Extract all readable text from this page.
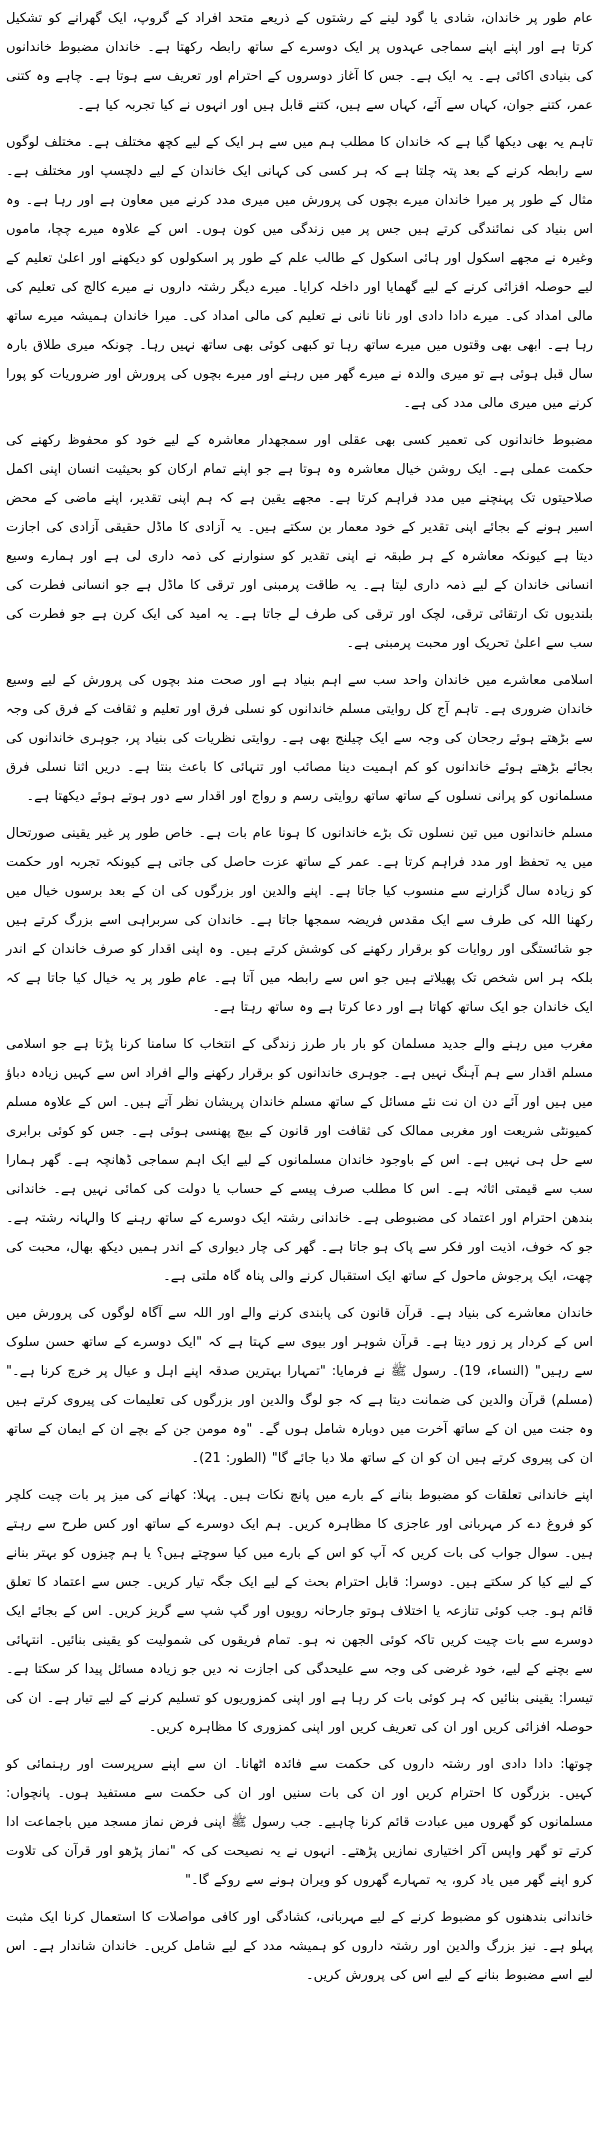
عام طور پر خاندان، شادی یا گود لینے کے رشتوں کے ذریعے متحد افراد کے گروپ، ایک گھرانے کو تشکیل کرتا ہے اور اپنے اپنے سماجی عہدوں پر ایک دوسرے کے ساتھ رابطہ رکھتا ہے۔ خاندان مضبوط خاندانوں کی بنیادی اکائی ہے۔ یہ ایک ہے۔ جس کا آغاز دوسروں کے احترام اور تعریف سے ہوتا ہے۔ چاہے وہ کتنی عمر، کتنے جوان، کہاں سے آئے، کہاں سے ہیں، کتنے قابل ہیں اور انہوں نے کیا تجربہ کیا ہے۔

تاہم یہ بھی دیکھا گیا ہے کہ خاندان کا مطلب ہم میں سے ہر ایک کے لیے کچھ مختلف ہے۔ مختلف لوگوں سے رابطہ کرنے کے بعد پتہ چلتا ہے کہ ہر کسی کی کہانی ایک خاندان کے لیے دلچسپ اور مختلف ہے۔ مثال کے طور پر میرا خاندان میرے بچوں کی پرورش میں میری مدد کرنے میں معاون ہے اور رہا ہے۔ وہ اس بنیاد کی نمائندگی کرتے ہیں جس پر میں زندگی میں کون ہوں۔ اس کے علاوہ میرے چچا، ماموں وغیرہ نے مجھے اسکول اور ہائی اسکول کے طالب علم کے طور پر اسکولوں کو دیکھنے اور اعلیٰ تعلیم کے لیے حوصلہ افزائی کرنے کے لیے گھمایا اور داخلہ کرایا۔ میرے دیگر رشتہ داروں نے میرے کالج کی تعلیم کی مالی امداد کی۔ میرے دادا دادی اور نانا نانی نے تعلیم کی مالی امداد کی۔ میرا خاندان ہمیشہ میرے ساتھ رہا ہے۔ ابھی بھی وقتوں میں میرے ساتھ رہا تو کبھی کوئی بھی ساتھ نہیں رہا۔ چونکہ میری طلاق بارہ سال قبل ہوئی ہے تو میری والدہ نے میرے گھر میں رہنے اور میرے بچوں کی پرورش اور ضروریات کو پورا کرنے میں میری مالی مدد کی ہے۔

مضبوط خاندانوں کی تعمیر کسی بھی عقلی اور سمجھدار معاشرہ کے لیے خود کو محفوظ رکھنے کی حکمت عملی ہے۔ ایک روشن خیال معاشرہ وہ ہوتا ہے جو اپنے تمام ارکان کو بحیثیت انسان اپنی اکمل صلاحیتوں تک پہنچنے میں مدد فراہم کرتا ہے۔ مجھے یقین ہے کہ ہم اپنی تقدیر، اپنے ماضی کے محض اسیر ہونے کے بجائے اپنی تقدیر کے خود معمار بن سکتے ہیں۔ یہ آزادی کا ماڈل حقیقی آزادی کی اجازت دیتا ہے کیونکہ معاشرہ کے ہر طبقہ نے اپنی تقدیر کو سنوارنے کی ذمہ داری لی ہے اور ہمارے وسیع انسانی خاندان کے لیے ذمہ داری لیتا ہے۔ یہ طاقت پرمبنی اور ترقی کا ماڈل ہے جو انسانی فطرت کی بلندیوں تک ارتقائی ترقی، لچک اور ترقی کی طرف لے جاتا ہے۔ یہ امید کی ایک کرن ہے جو فطرت کی سب سے اعلیٰ تحریک اور محبت پرمبنی ہے۔

اسلامی معاشرے میں خاندان واحد سب سے اہم بنیاد ہے اور صحت مند بچوں کی پرورش کے لیے وسیع خاندان ضروری ہے۔ تاہم آج کل روایتی مسلم خاندانوں کو نسلی فرق اور تعلیم و ثقافت کے فرق کی وجہ سے بڑھتے ہوئے رجحان کی وجہ سے ایک چیلنج بھی ہے۔ روایتی نظریات کی بنیاد پر، جوہری خاندانوں کی بجائے بڑھتے ہوئے خاندانوں کو کم اہمیت دینا مصائب اور تنہائی کا باعث بنتا ہے۔ دریں اثنا نسلی فرق مسلمانوں کو پرانی نسلوں کے ساتھ ساتھ روایتی رسم و رواج اور اقدار سے دور ہوتے ہوئے دیکھتا ہے۔

مسلم خاندانوں میں تین نسلوں تک بڑے خاندانوں کا ہونا عام بات ہے۔ خاص طور پر غیر یقینی صورتحال میں یہ تحفظ اور مدد فراہم کرتا ہے۔ عمر کے ساتھ عزت حاصل کی جاتی ہے کیونکہ تجربہ اور حکمت کو زیادہ سال گزارنے سے منسوب کیا جاتا ہے۔ اپنے والدین اور بزرگوں کی ان کے بعد برسوں خیال میں رکھنا اللہ کی طرف سے ایک مقدس فریضہ سمجھا جاتا ہے۔ خاندان کی سربراہی اسے بزرگ کرتے ہیں جو شائستگی اور روایات کو برقرار رکھنے کی کوشش کرتے ہیں۔ وہ اپنی اقدار کو صرف خاندان کے اندر بلکہ ہر اس شخص تک پھیلاتے ہیں جو اس سے رابطہ میں آتا ہے۔ عام طور پر یہ خیال کیا جاتا ہے کہ ایک خاندان جو ایک ساتھ کھاتا ہے اور دعا کرتا ہے وہ ساتھ رہتا ہے۔

مغرب میں رہنے والے جدید مسلمان کو بار بار طرز زندگی کے انتخاب کا سامنا کرنا پڑتا ہے جو اسلامی مسلم اقدار سے ہم آہنگ نہیں ہے۔ جوہری خاندانوں کو برقرار رکھنے والے افراد اس سے کہیں زیادہ دباؤ میں ہیں اور آئے دن ان نت نئے مسائل کے ساتھ مسلم خاندان پریشان نظر آتے ہیں۔ اس کے علاوہ مسلم کمیونٹی شریعت اور مغربی ممالک کی ثقافت اور قانون کے بیچ پھنسی ہوئی ہے۔ جس کو کوئی برابری سے حل ہی نہیں ہے۔ اس کے باوجود خاندان مسلمانوں کے لیے ایک اہم سماجی ڈھانچہ ہے۔ گھر ہمارا سب سے قیمتی اثاثہ ہے۔ اس کا مطلب صرف پیسے کے حساب یا دولت کی کمائی نہیں ہے۔ خاندانی بندھن احترام اور اعتماد کی مضبوطی ہے۔ خاندانی رشتہ ایک دوسرے کے ساتھ رہنے کا والہانہ رشتہ ہے۔ جو کہ خوف، اذیت اور فکر سے پاک ہو جاتا ہے۔ گھر کی چار دیواری کے اندر ہمیں دیکھ بھال، محبت کی چھت، ایک پرجوش ماحول کے ساتھ ایک استقبال کرنے والی پناہ گاہ ملتی ہے۔

خاندان معاشرے کی بنیاد ہے۔ قرآن قانون کی پابندی کرنے والے اور اللہ سے آگاہ لوگوں کی پرورش میں اس کے کردار پر زور دیتا ہے۔ قرآن شوہر اور بیوی سے کہتا ہے کہ "ایک دوسرے کے ساتھ حسن سلوک سے رہیں" (النساء، 19)۔ رسول ﷺ نے فرمایا: "تمہارا بہترین صدقہ اپنے اہل و عیال پر خرچ کرنا ہے۔" (مسلم) قرآن والدین کی ضمانت دیتا ہے کہ جو لوگ والدین اور بزرگوں کی تعلیمات کی پیروی کرتے ہیں وہ جنت میں ان کے ساتھ آخرت میں دوبارہ شامل ہوں گے۔ "وہ مومن جن کے بچے ان کے ایمان کے ساتھ ان کی پیروی کرتے ہیں ان کو ان کے ساتھ ملا دیا جائے گا" (الطور: 21)۔

اپنے خاندانی تعلقات کو مضبوط بنانے کے بارے میں پانچ نکات ہیں۔ پہلا: کھانے کی میز پر بات چیت کلچر کو فروغ دے کر مہربانی اور عاجزی کا مظاہرہ کریں۔ ہم ایک دوسرے کے ساتھ اور کس طرح سے رہتے ہیں۔ سوال جواب کی بات کریں کہ آپ کو اس کے بارے میں کیا سوچتے ہیں؟ یا ہم چیزوں کو بہتر بنانے کے لیے کیا کر سکتے ہیں۔ دوسرا: قابل احترام بحث کے لیے ایک جگہ تیار کریں۔ جس سے اعتماد کا تعلق قائم ہو۔ جب کوئی تنازعہ یا اختلاف ہوتو جارحانہ رویوں اور گپ شپ سے گریز کریں۔ اس کے بجائے ایک دوسرے سے بات چیت کریں تاکہ کوئی الجھن نہ ہو۔ تمام فریقوں کی شمولیت کو یقینی بنائیں۔ انتہائی سے بچنے کے لیے، خود غرضی کی وجہ سے علیحدگی کی اجازت نہ دیں جو زیادہ مسائل پیدا کر سکتا ہے۔ تیسرا: یقینی بنائیں کہ ہر کوئی بات کر رہا ہے اور اپنی کمزوریوں کو تسلیم کرنے کے لیے تیار ہے۔ ان کی حوصلہ افزائی کریں اور ان کی تعریف کریں اور اپنی کمزوری کا مظاہرہ کریں۔

چوتھا: دادا دادی اور رشتہ داروں کی حکمت سے فائدہ اٹھانا۔ ان سے اپنے سرپرست اور رہنمائی کو کہیں۔ بزرگوں کا احترام کریں اور ان کی بات سنیں اور ان کی حکمت سے مستفید ہوں۔ پانچواں: مسلمانوں کو گھروں میں عبادت قائم کرنا چاہیے۔ جب رسول ﷺ اپنی فرض نماز مسجد میں باجماعت ادا کرتے تو گھر واپس آکر اختیاری نمازیں پڑھتے۔ انہوں نے یہ نصیحت کی کہ "نماز پڑھو اور قرآن کی تلاوت کرو اپنے گھر میں یاد کرو، یہ تمہارے گھروں کو ویران ہونے سے روکے گا۔"

خاندانی بندھنوں کو مضبوط کرنے کے لیے مہربانی، کشادگی اور کافی مواصلات کا استعمال کرنا ایک مثبت پہلو ہے۔ نیز بزرگ والدین اور رشتہ داروں کو ہمیشہ مدد کے لیے شامل کریں۔ خاندان شاندار ہے۔ اس لیے اسے مضبوط بنانے کے لیے اس کی پرورش کریں۔
